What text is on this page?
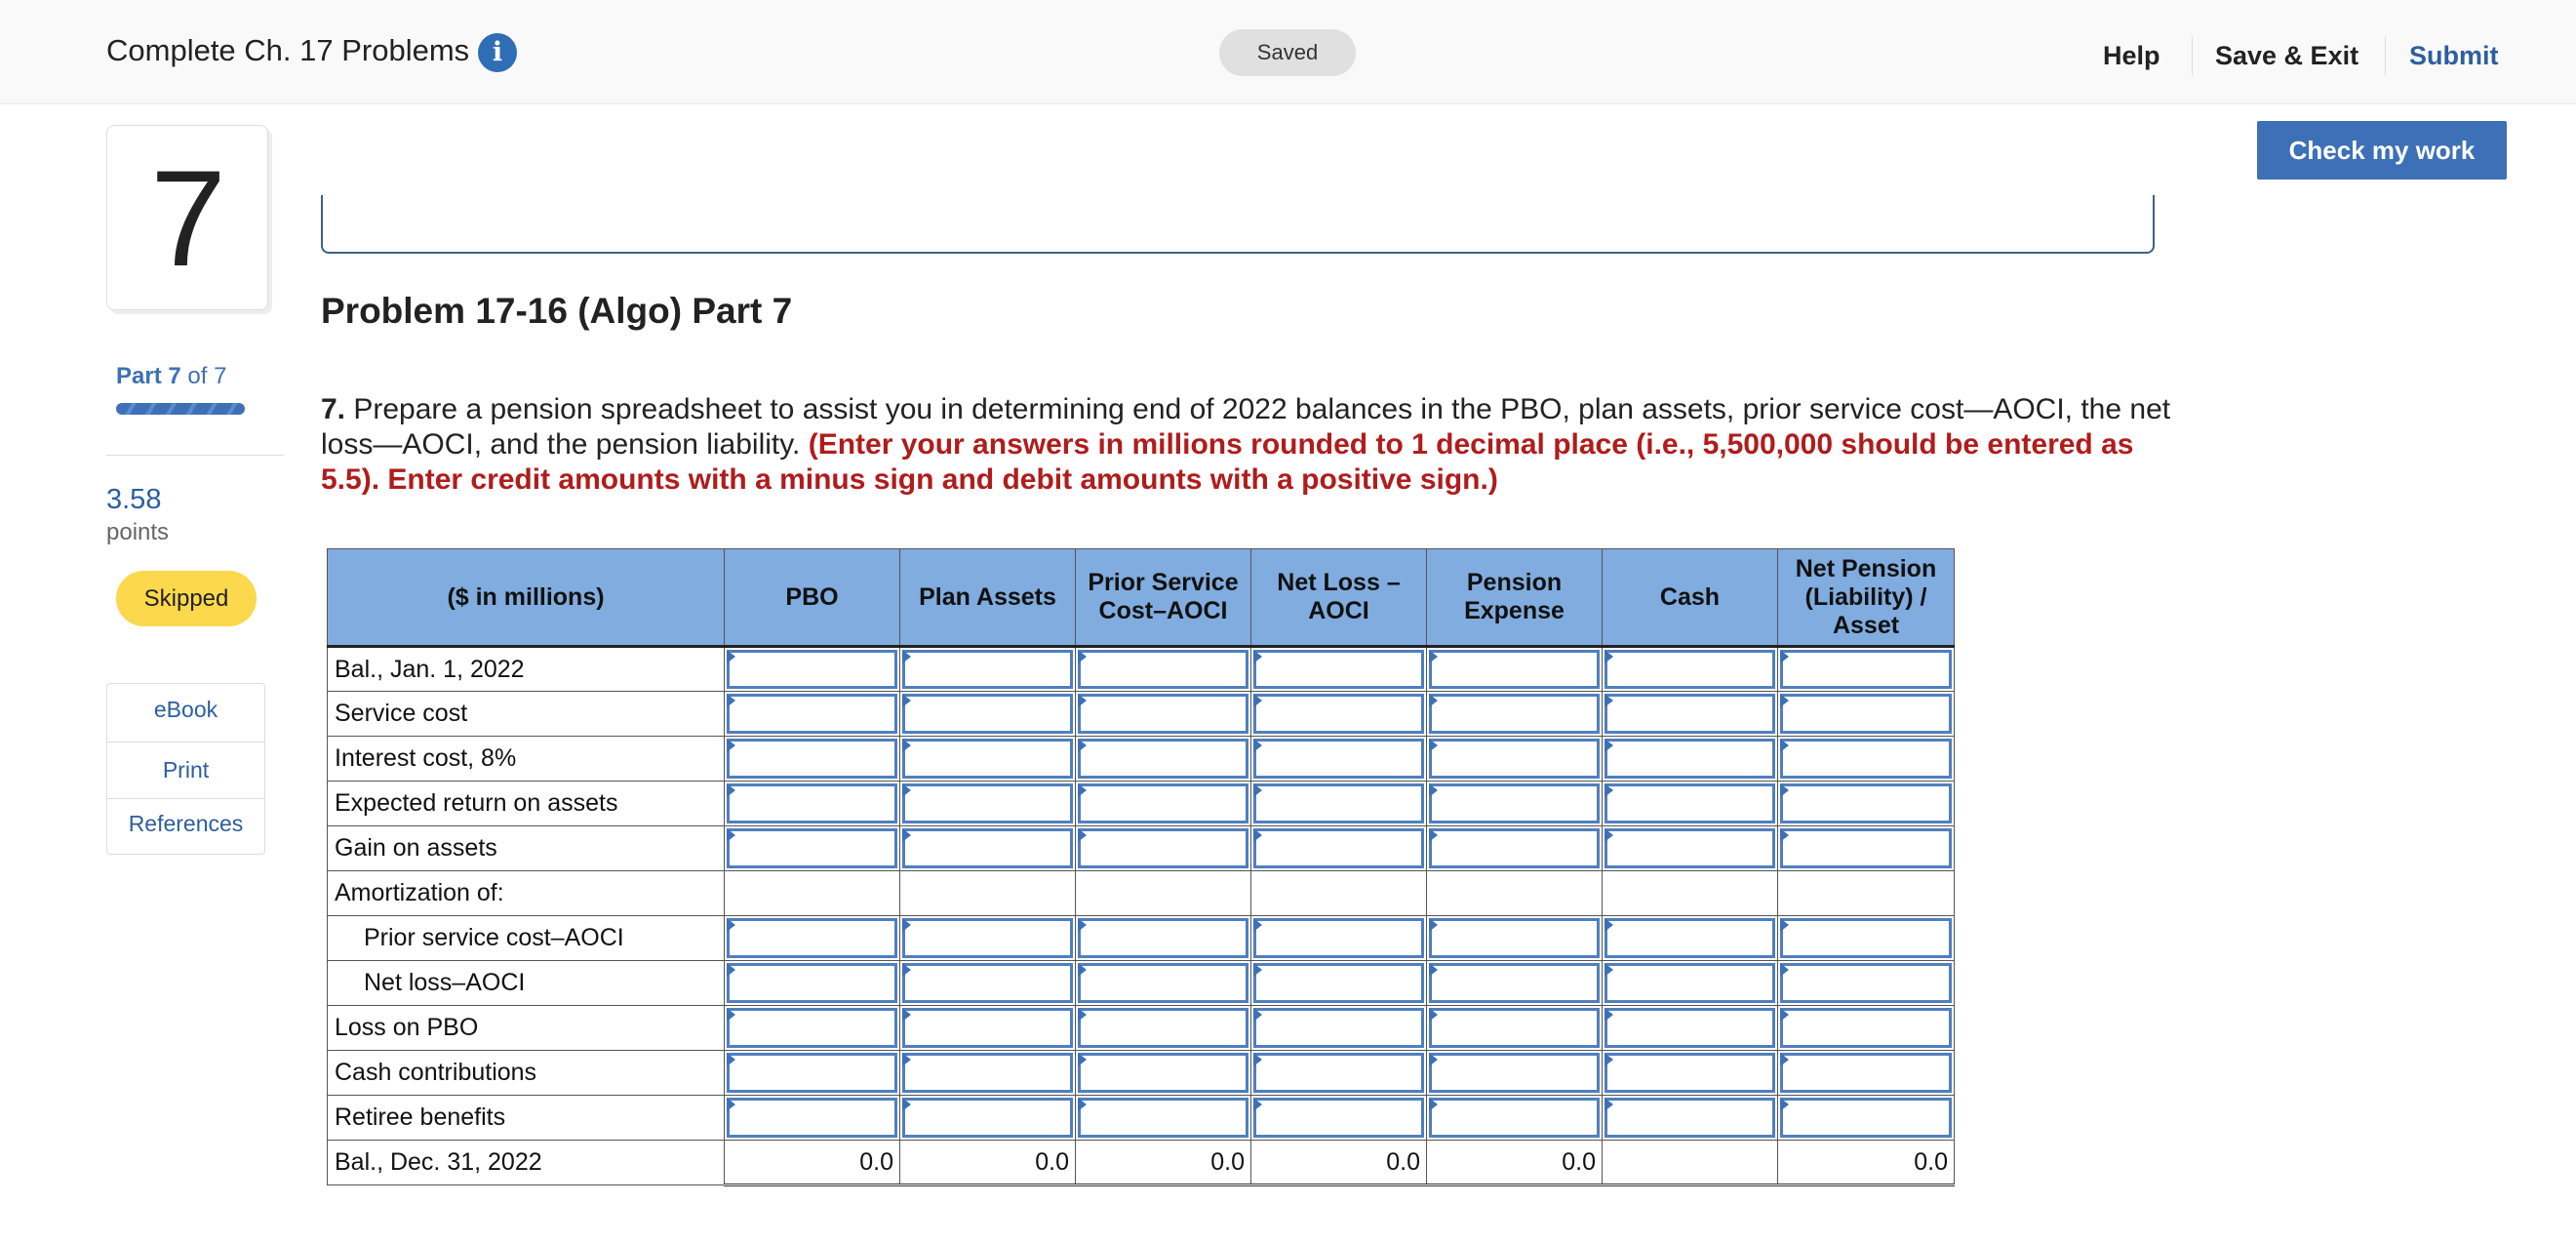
Complete Ch. 17 Problems i	Saved	Help Save & Exit Submit
Check my work
7
Part 7 of 7
3.58
points
Skipped
eBook
Print
References
Problem 17-16 (Algo) Part 7
7. Prepare a pension spreadsheet to assist you in determining end of 2022 balances in the PBO, plan assets, prior service cost—AOCI, the net loss—AOCI, and the pension liability. (Enter your answers in millions rounded to 1 decimal place (i.e., 5,500,000 should be entered as 5.5). Enter credit amounts with a minus sign and debit amounts with a positive sign.)
($ in millions)	PBO	Plan Assets	Prior Service Cost–AOCI	Net Loss –AOCI	Pension Expense	Cash	Net Pension (Liability) / Asset
Bal., Jan. 1, 2022	

Service cost	

Interest cost, 8%	

Expected return on assets	

Gain on assets	

Amortization of:							
Prior service cost–AOCI	

Net loss–AOCI	

Loss on PBO	

Cash contributions	

Retiree benefits	

Bal., Dec. 31, 2022	0.0	0.0	0.0	0.0	0.0		0.0
